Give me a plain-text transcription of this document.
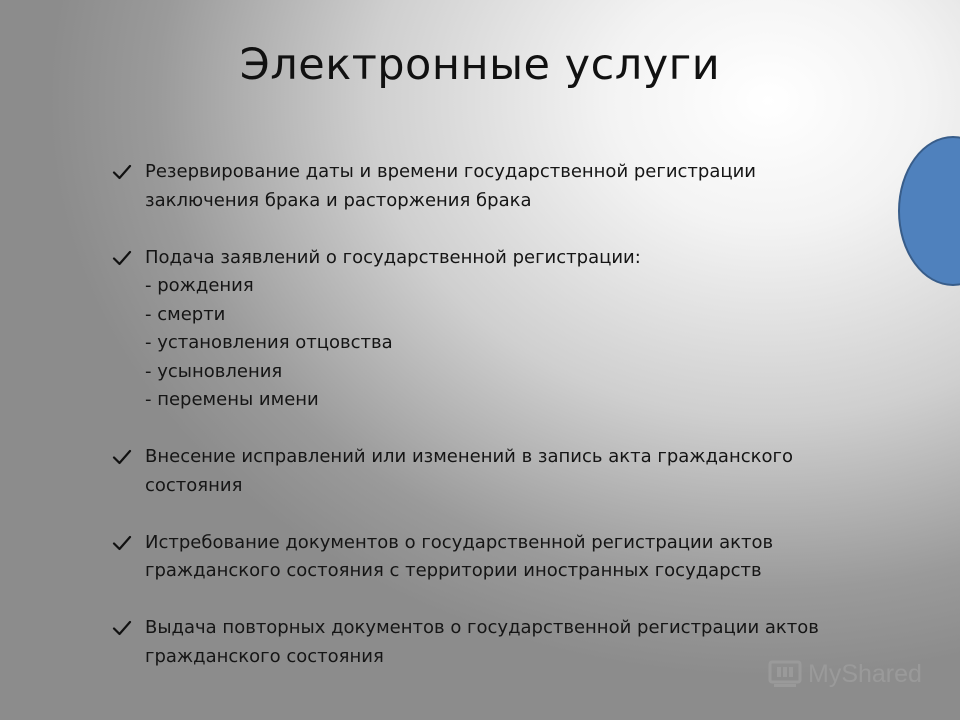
Электронные услуги
Резервирование даты и времени государственной регистрации
заключения брака и расторжения брака
Подача заявлений о государственной регистрации:
- рождения
- смерти
- установления отцовства
- усыновления
- перемены имени
Внесение исправлений или изменений в запись акта гражданского
состояния
Истребование документов о государственной регистрации актов
гражданского состояния с территории иностранных государств
Выдача повторных документов о государственной регистрации актов
гражданского состояния
MyShared
